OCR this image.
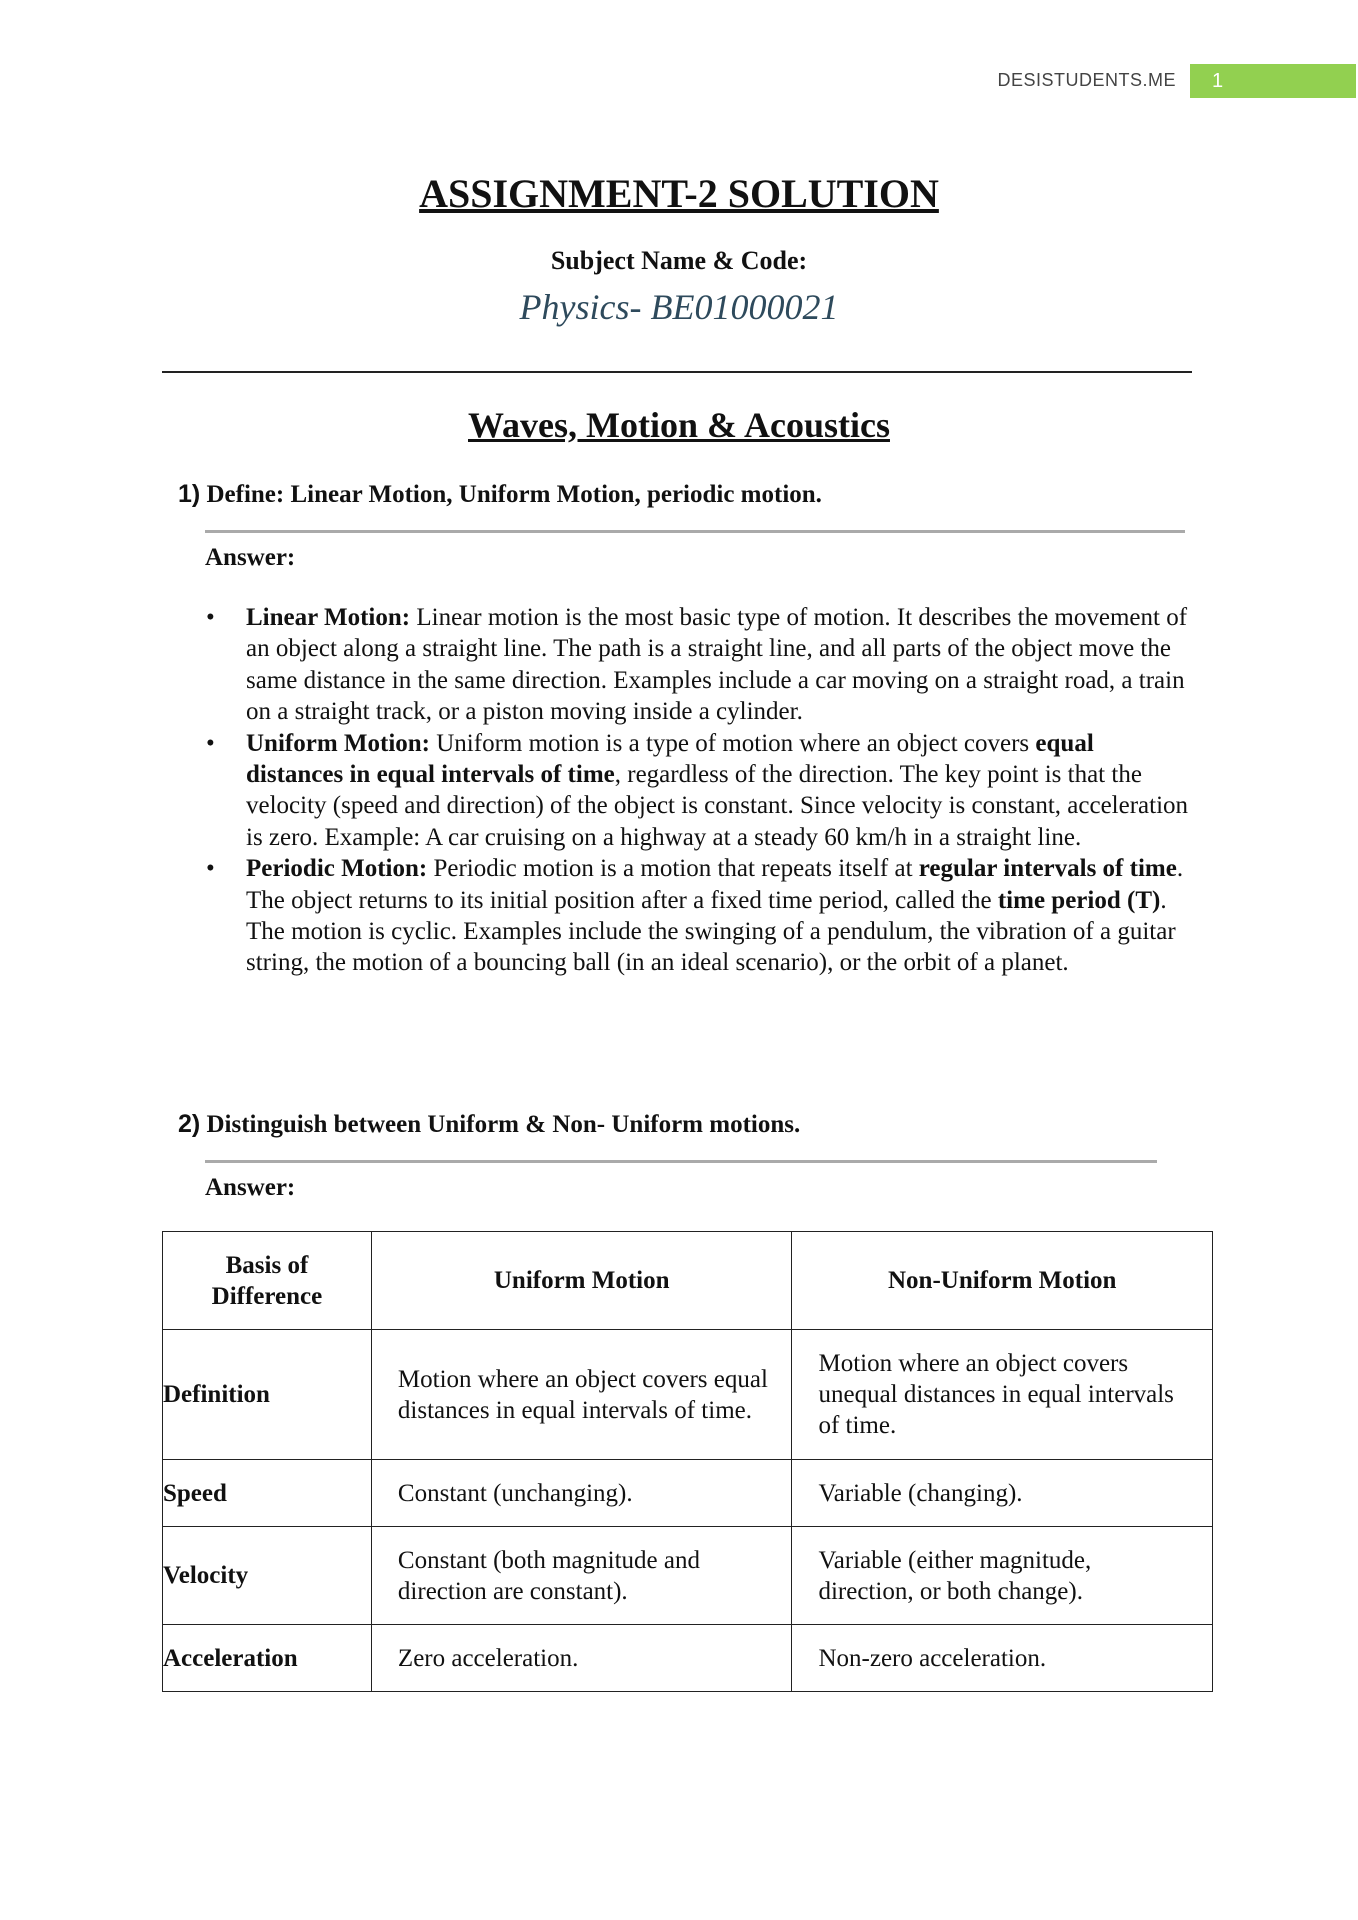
DESISTUDENTS.ME	1
ASSIGNMENT-2 SOLUTION
Subject Name & Code:
Physics- BE01000021
Waves, Motion & Acoustics
1) Define: Linear Motion, Uniform Motion, periodic motion.
Answer:
• Linear Motion: Linear motion is the most basic type of motion. It describes the movement of an object along a straight line. The path is a straight line, and all parts of the object move the same distance in the same direction. Examples include a car moving on a straight road, a train on a straight track, or a piston moving inside a cylinder.
• Uniform Motion: Uniform motion is a type of motion where an object covers equal distances in equal intervals of time, regardless of the direction. The key point is that the velocity (speed and direction) of the object is constant. Since velocity is constant, acceleration is zero. Example: A car cruising on a highway at a steady 60 km/h in a straight line.
• Periodic Motion: Periodic motion is a motion that repeats itself at regular intervals of time. The object returns to its initial position after a fixed time period, called the time period (T). The motion is cyclic. Examples include the swinging of a pendulum, the vibration of a guitar string, the motion of a bouncing ball (in an ideal scenario), or the orbit of a planet.
2) Distinguish between Uniform & Non- Uniform motions.
Answer:
Basis of Difference	Uniform Motion	Non-Uniform Motion
Definition	Motion where an object covers equal distances in equal intervals of time.	Motion where an object covers unequal distances in equal intervals of time.
Speed	Constant (unchanging).	Variable (changing).
Velocity	Constant (both magnitude and direction are constant).	Variable (either magnitude, direction, or both change).
Acceleration	Zero acceleration.	Non-zero acceleration.
